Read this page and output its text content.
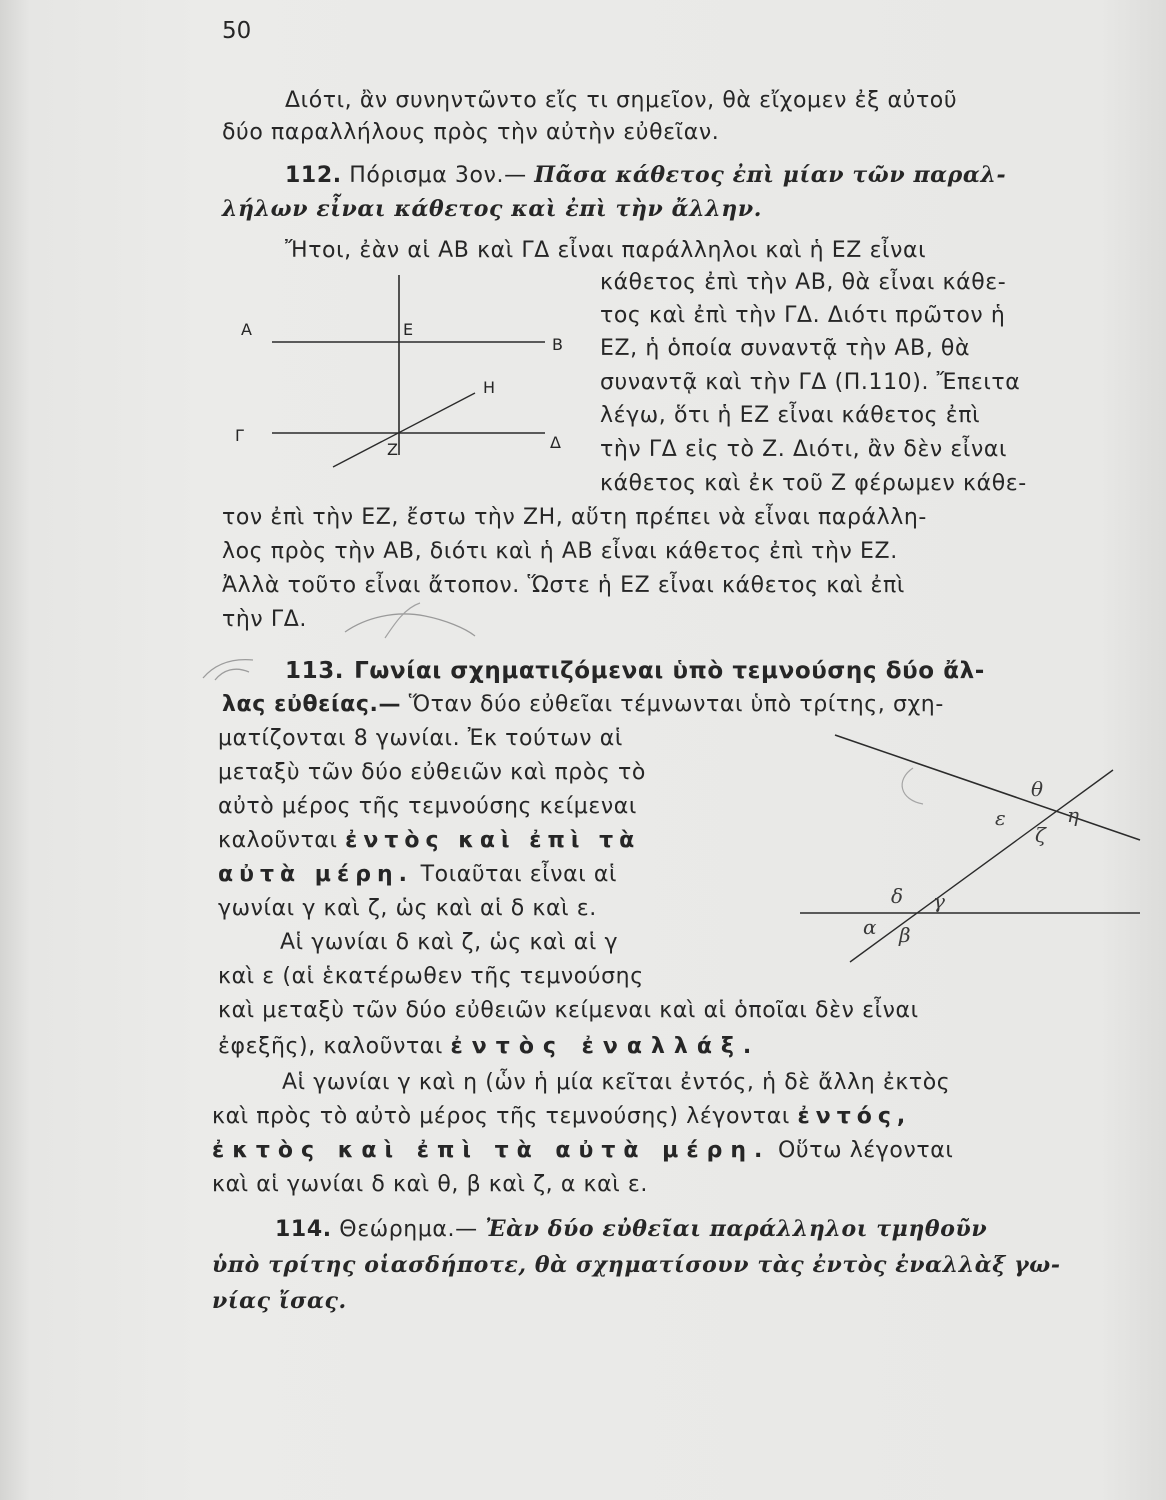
50
Διότι, ἂν συνηντῶντο εἴς τι σημεῖον, θὰ εἴχομεν ἐξ αὐτοῦ
δύο παραλλήλους πρὸς τὴν αὐτὴν εὐθεῖαν.
112. Πόρισμα 3ον.— Πᾶσα κάθετος ἐπὶ μίαν τῶν παραλ-
λήλων εἶναι κάθετος καὶ ἐπὶ τὴν ἄλλην.
Ἤτοι, ἐὰν αἱ ΑΒ καὶ ΓΔ εἶναι παράλληλοι καὶ ἡ ΕΖ εἶναι
κάθετος ἐπὶ τὴν ΑΒ, θὰ εἶναι κάθε-
τος καὶ ἐπὶ τὴν ΓΔ. Διότι πρῶτον ἡ
ΕΖ, ἡ ὁποία συναντᾷ τὴν ΑΒ, θὰ
συναντᾷ καὶ τὴν ΓΔ (Π.110). Ἔπειτα
λέγω, ὅτι ἡ ΕΖ εἶναι κάθετος ἐπὶ
τὴν ΓΔ εἰς τὸ Ζ. Διότι, ἂν δὲν εἶναι
κάθετος καὶ ἐκ τοῦ Ζ φέρωμεν κάθε-
τον ἐπὶ τὴν ΕΖ, ἔστω τὴν ΖΗ, αὕτη πρέπει νὰ εἶναι παράλλη-
λος πρὸς τὴν ΑΒ, διότι καὶ ἡ ΑΒ εἶναι κάθετος ἐπὶ τὴν ΕΖ.
Ἀλλὰ τοῦτο εἶναι ἄτοπον. Ὥστε ἡ ΕΖ εἶναι κάθετος καὶ ἐπὶ
τὴν ΓΔ.
Α	Ε
Β
Η
Γ	Δ
Ζ
113. Γωνίαι σχηματιζόμεναι ὑπὸ τεμνούσης δύο ἄλ-
λας εὐθείας.— Ὅταν δύο εὐθεῖαι τέμνωνται ὑπὸ τρίτης, σχη-
ματίζονται 8 γωνίαι. Ἐκ τούτων αἱ
μεταξὺ τῶν δύο εὐθειῶν καὶ πρὸς τὸ
αὐτὸ μέρος τῆς τεμνούσης κείμεναι
καλοῦνται ἐντὸς καὶ ἐπὶ τὰ
αὐτὰ μέρη. Τοιαῦται εἶναι αἱ
γωνίαι γ καὶ ζ, ὡς καὶ αἱ δ καὶ ε.
Αἱ γωνίαι δ καὶ ζ, ὡς καὶ αἱ γ
καὶ ε (αἱ ἑκατέρωθεν τῆς τεμνούσης
καὶ μεταξὺ τῶν δύο εὐθειῶν κείμεναι καὶ αἱ ὁποῖαι δὲν εἶναι
ἐφεξῆς), καλοῦνται ἐντὸς ἐναλλάξ.
Αἱ γωνίαι γ καὶ η (ὧν ἡ μία κεῖται ἐντός, ἡ δὲ ἄλλη ἐκτὸς
καὶ πρὸς τὸ αὐτὸ μέρος τῆς τεμνούσης) λέγονται ἐντός,
ἐκτὸς καὶ ἐπὶ τὰ αὐτὰ μέρη. Οὕτω λέγονται
καὶ αἱ γωνίαι δ καὶ θ, β καὶ ζ, α καὶ ε.
θ
η
ε
ζ
δ γ
α β
114. Θεώρημα.— Ἐὰν δύο εὐθεῖαι παράλληλοι τμηθοῦν
ὑπὸ τρίτης οἱασδήποτε, θὰ σχηματίσουν τὰς ἐντὸς ἐναλλὰξ γω-
νίας ἴσας.
